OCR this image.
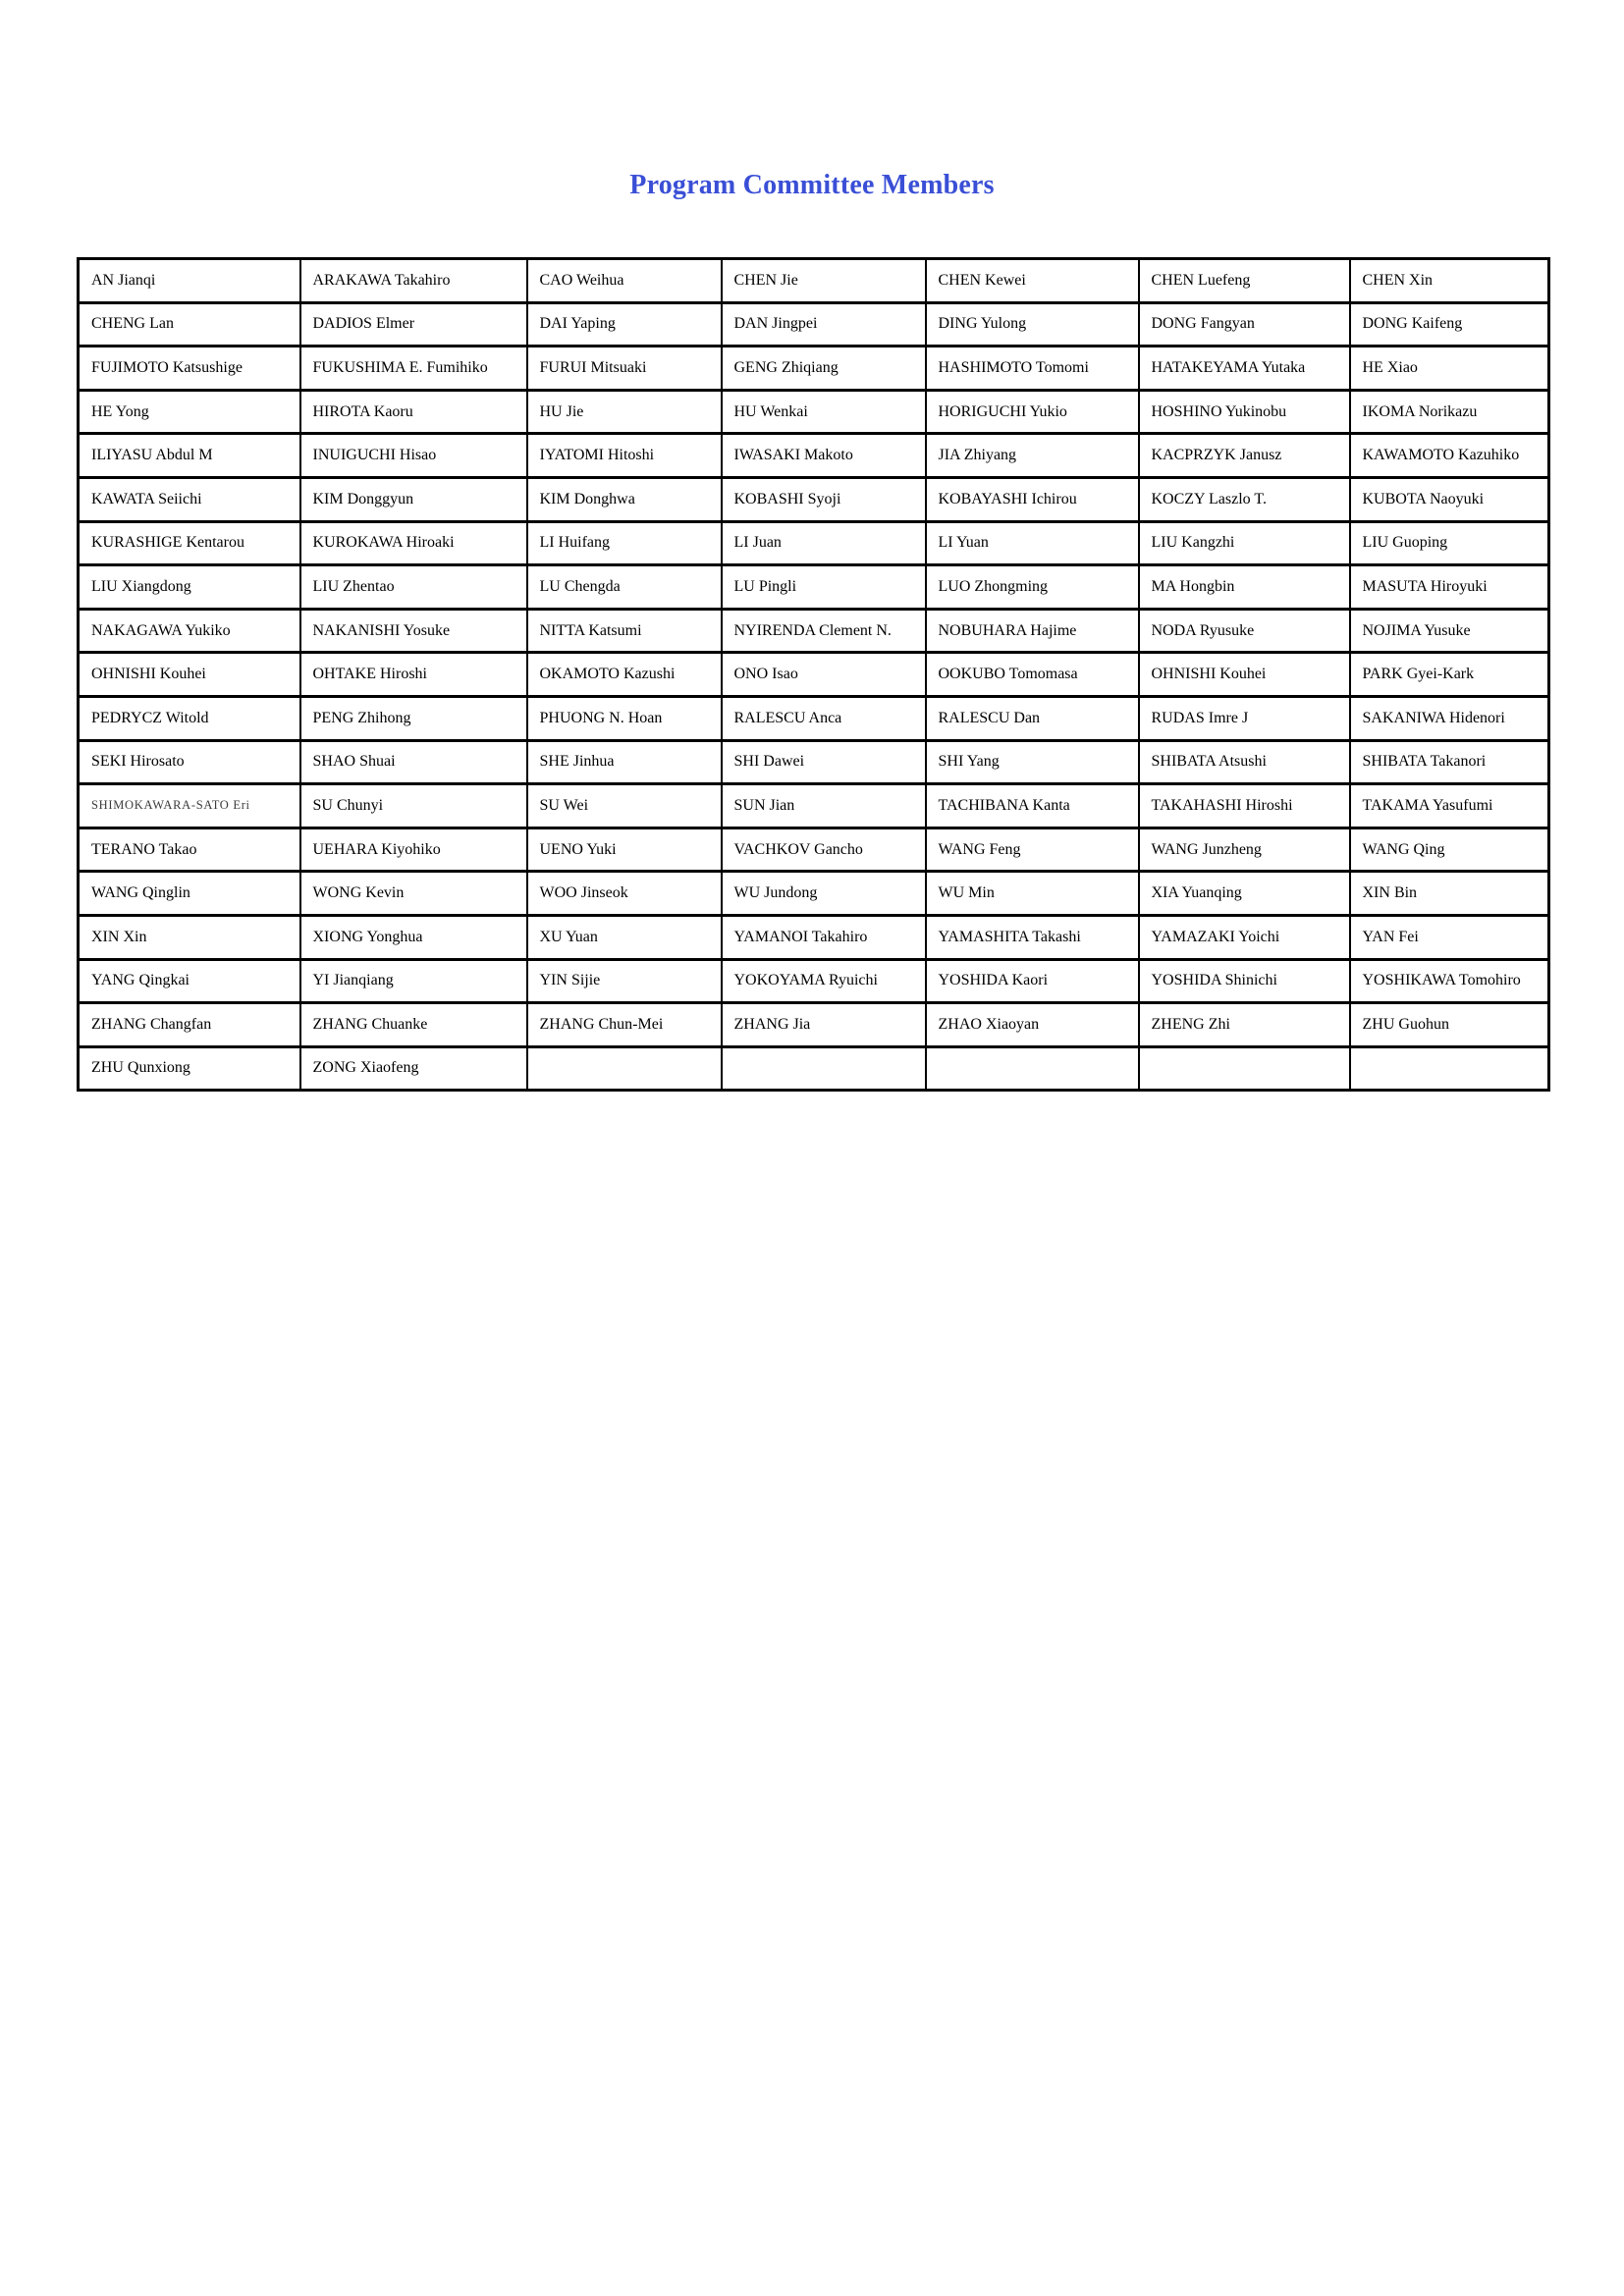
Program Committee Members
AN Jianqi	ARAKAWA Takahiro	CAO Weihua	CHEN Jie	CHEN Kewei	CHEN Luefeng	CHEN Xin
CHENG Lan	DADIOS Elmer	DAI Yaping	DAN Jingpei	DING Yulong	DONG Fangyan	DONG Kaifeng
FUJIMOTO Katsushige	FUKUSHIMA E. Fumihiko	FURUI Mitsuaki	GENG Zhiqiang	HASHIMOTO Tomomi	HATAKEYAMA Yutaka	HE Xiao
HE Yong	HIROTA Kaoru	HU Jie	HU Wenkai	HORIGUCHI Yukio	HOSHINO Yukinobu	IKOMA Norikazu
ILIYASU Abdul M	INUIGUCHI Hisao	IYATOMI Hitoshi	IWASAKI Makoto	JIA Zhiyang	KACPRZYK Janusz	KAWAMOTO Kazuhiko
KAWATA Seiichi	KIM Donggyun	KIM Donghwa	KOBASHI Syoji	KOBAYASHI Ichirou	KOCZY Laszlo T.	KUBOTA Naoyuki
KURASHIGE Kentarou	KUROKAWA Hiroaki	LI Huifang	LI Juan	LI Yuan	LIU Kangzhi	LIU Guoping
LIU Xiangdong	LIU Zhentao	LU Chengda	LU Pingli	LUO Zhongming	MA Hongbin	MASUTA Hiroyuki
NAKAGAWA Yukiko	NAKANISHI Yosuke	NITTA Katsumi	NYIRENDA Clement N.	NOBUHARA Hajime	NODA Ryusuke	NOJIMA Yusuke
OHNISHI Kouhei	OHTAKE Hiroshi	OKAMOTO Kazushi	ONO Isao	OOKUBO Tomomasa	OHNISHI Kouhei	PARK Gyei-Kark
PEDRYCZ Witold	PENG Zhihong	PHUONG N. Hoan	RALESCU Anca	RALESCU Dan	RUDAS Imre J	SAKANIWA Hidenori
SEKI Hirosato	SHAO Shuai	SHE Jinhua	SHI Dawei	SHI Yang	SHIBATA Atsushi	SHIBATA Takanori
SHIMOKAWARA-SATO Eri	SU Chunyi	SU Wei	SUN Jian	TACHIBANA Kanta	TAKAHASHI Hiroshi	TAKAMA Yasufumi
TERANO Takao	UEHARA Kiyohiko	UENO Yuki	VACHKOV Gancho	WANG Feng	WANG Junzheng	WANG Qing
WANG Qinglin	WONG Kevin	WOO Jinseok	WU Jundong	WU Min	XIA Yuanqing	XIN Bin
XIN Xin	XIONG Yonghua	XU Yuan	YAMANOI Takahiro	YAMASHITA Takashi	YAMAZAKI Yoichi	YAN Fei
YANG Qingkai	YI Jianqiang	YIN Sijie	YOKOYAMA Ryuichi	YOSHIDA Kaori	YOSHIDA Shinichi	YOSHIKAWA Tomohiro
ZHANG Changfan	ZHANG Chuanke	ZHANG Chun-Mei	ZHANG Jia	ZHAO Xiaoyan	ZHENG Zhi	ZHU Guohun
ZHU Qunxiong	ZONG Xiaofeng					
